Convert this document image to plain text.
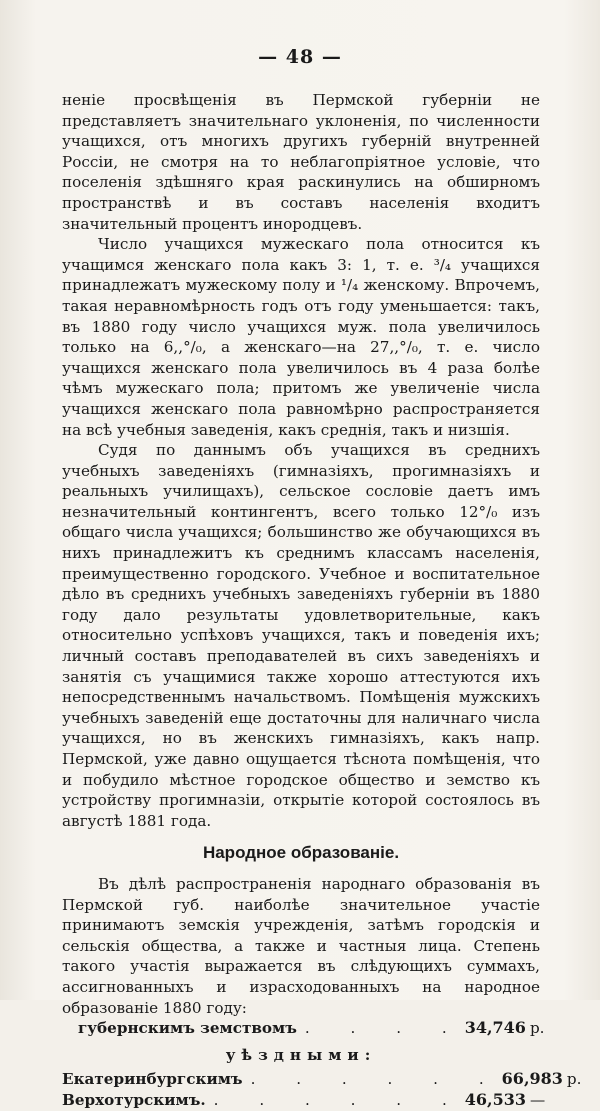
— 48 —

ненiе просвѣщенiя въ Пермской губернiи не представляетъ значительнаго уклоненiя, по численности учащихся, отъ многихъ другихъ губернiй внутренней Россiи, не смотря на то неблагопрiятное условiе, что поселенiя здѣшняго края раскинулись на обширномъ пространствѣ и въ составъ населенiя входитъ значительный процентъ инородцевъ.

Число учащихся мужескаго пола относится къ учащимся женскаго пола какъ 3: 1, т. е. ³/₄ учащихся принадлежатъ мужескому полу и ¹/₄ женскому. Впрочемъ, такая неравномѣрность годъ отъ году уменьшается: такъ, въ 1880 году число учащихся муж. пола увеличилось только на 6,,°/₀, а женскаго—на 27,,°/₀, т. е. число учащихся женскаго пола увеличилось въ 4 раза болѣе чѣмъ мужескаго пола; притомъ же увеличенiе числа учащихся женскаго пола равномѣрно распространяется на всѣ учебныя заведенiя, какъ среднiя, такъ и низшiя.

Судя по даннымъ объ учащихся въ среднихъ учебныхъ заведенiяхъ (гимназiяхъ, прогимназiяхъ и реальныхъ училищахъ), сельское сословiе даетъ имъ незначительный контингентъ, всего только 12°/₀ изъ общаго числа учащихся; большинство же обучающихся въ нихъ принадлежитъ къ среднимъ классамъ населенiя, преимущественно городского. Учебное и воспитательное дѣло въ среднихъ учебныхъ заведенiяхъ губернiи въ 1880 году дало результаты удовлетворительные, какъ относительно успѣховъ учащихся, такъ и поведенiя ихъ; личный составъ преподавателей въ сихъ заведенiяхъ и занятiя съ учащимися также хорошо аттестуются ихъ непосредственнымъ начальствомъ. Помѣщенiя мужскихъ учебныхъ заведенiй еще достаточны для наличнаго числа учащихся, но въ женскихъ гимназiяхъ, какъ напр. Пермской, уже давно ощущается тѣснота помѣщенiя, что и побудило мѣстное городское общество и земство къ устройству прогимназiи, открытiе которой состоялось въ августѣ 1881 года.

Народное образованiе.

Въ дѣлѣ распространенiя народнаго образованiя въ Пермской губ. наиболѣе значительное участiе принимаютъ земскiя учрежденiя, затѣмъ городскiя и сельскiя общества, а также и частныя лица. Степень такого участiя выражается въ слѣдующихъ суммахъ, ассигнованныхъ и израсходованныхъ на народное образованiе 1880 году:

губернскимъ земствомъ . . . . 34,746 р.
уѣздными:
Екатеринбургскимъ . . . . . . 66,983 р.
Верхотурскимъ. . . . . . . 46,533 —
